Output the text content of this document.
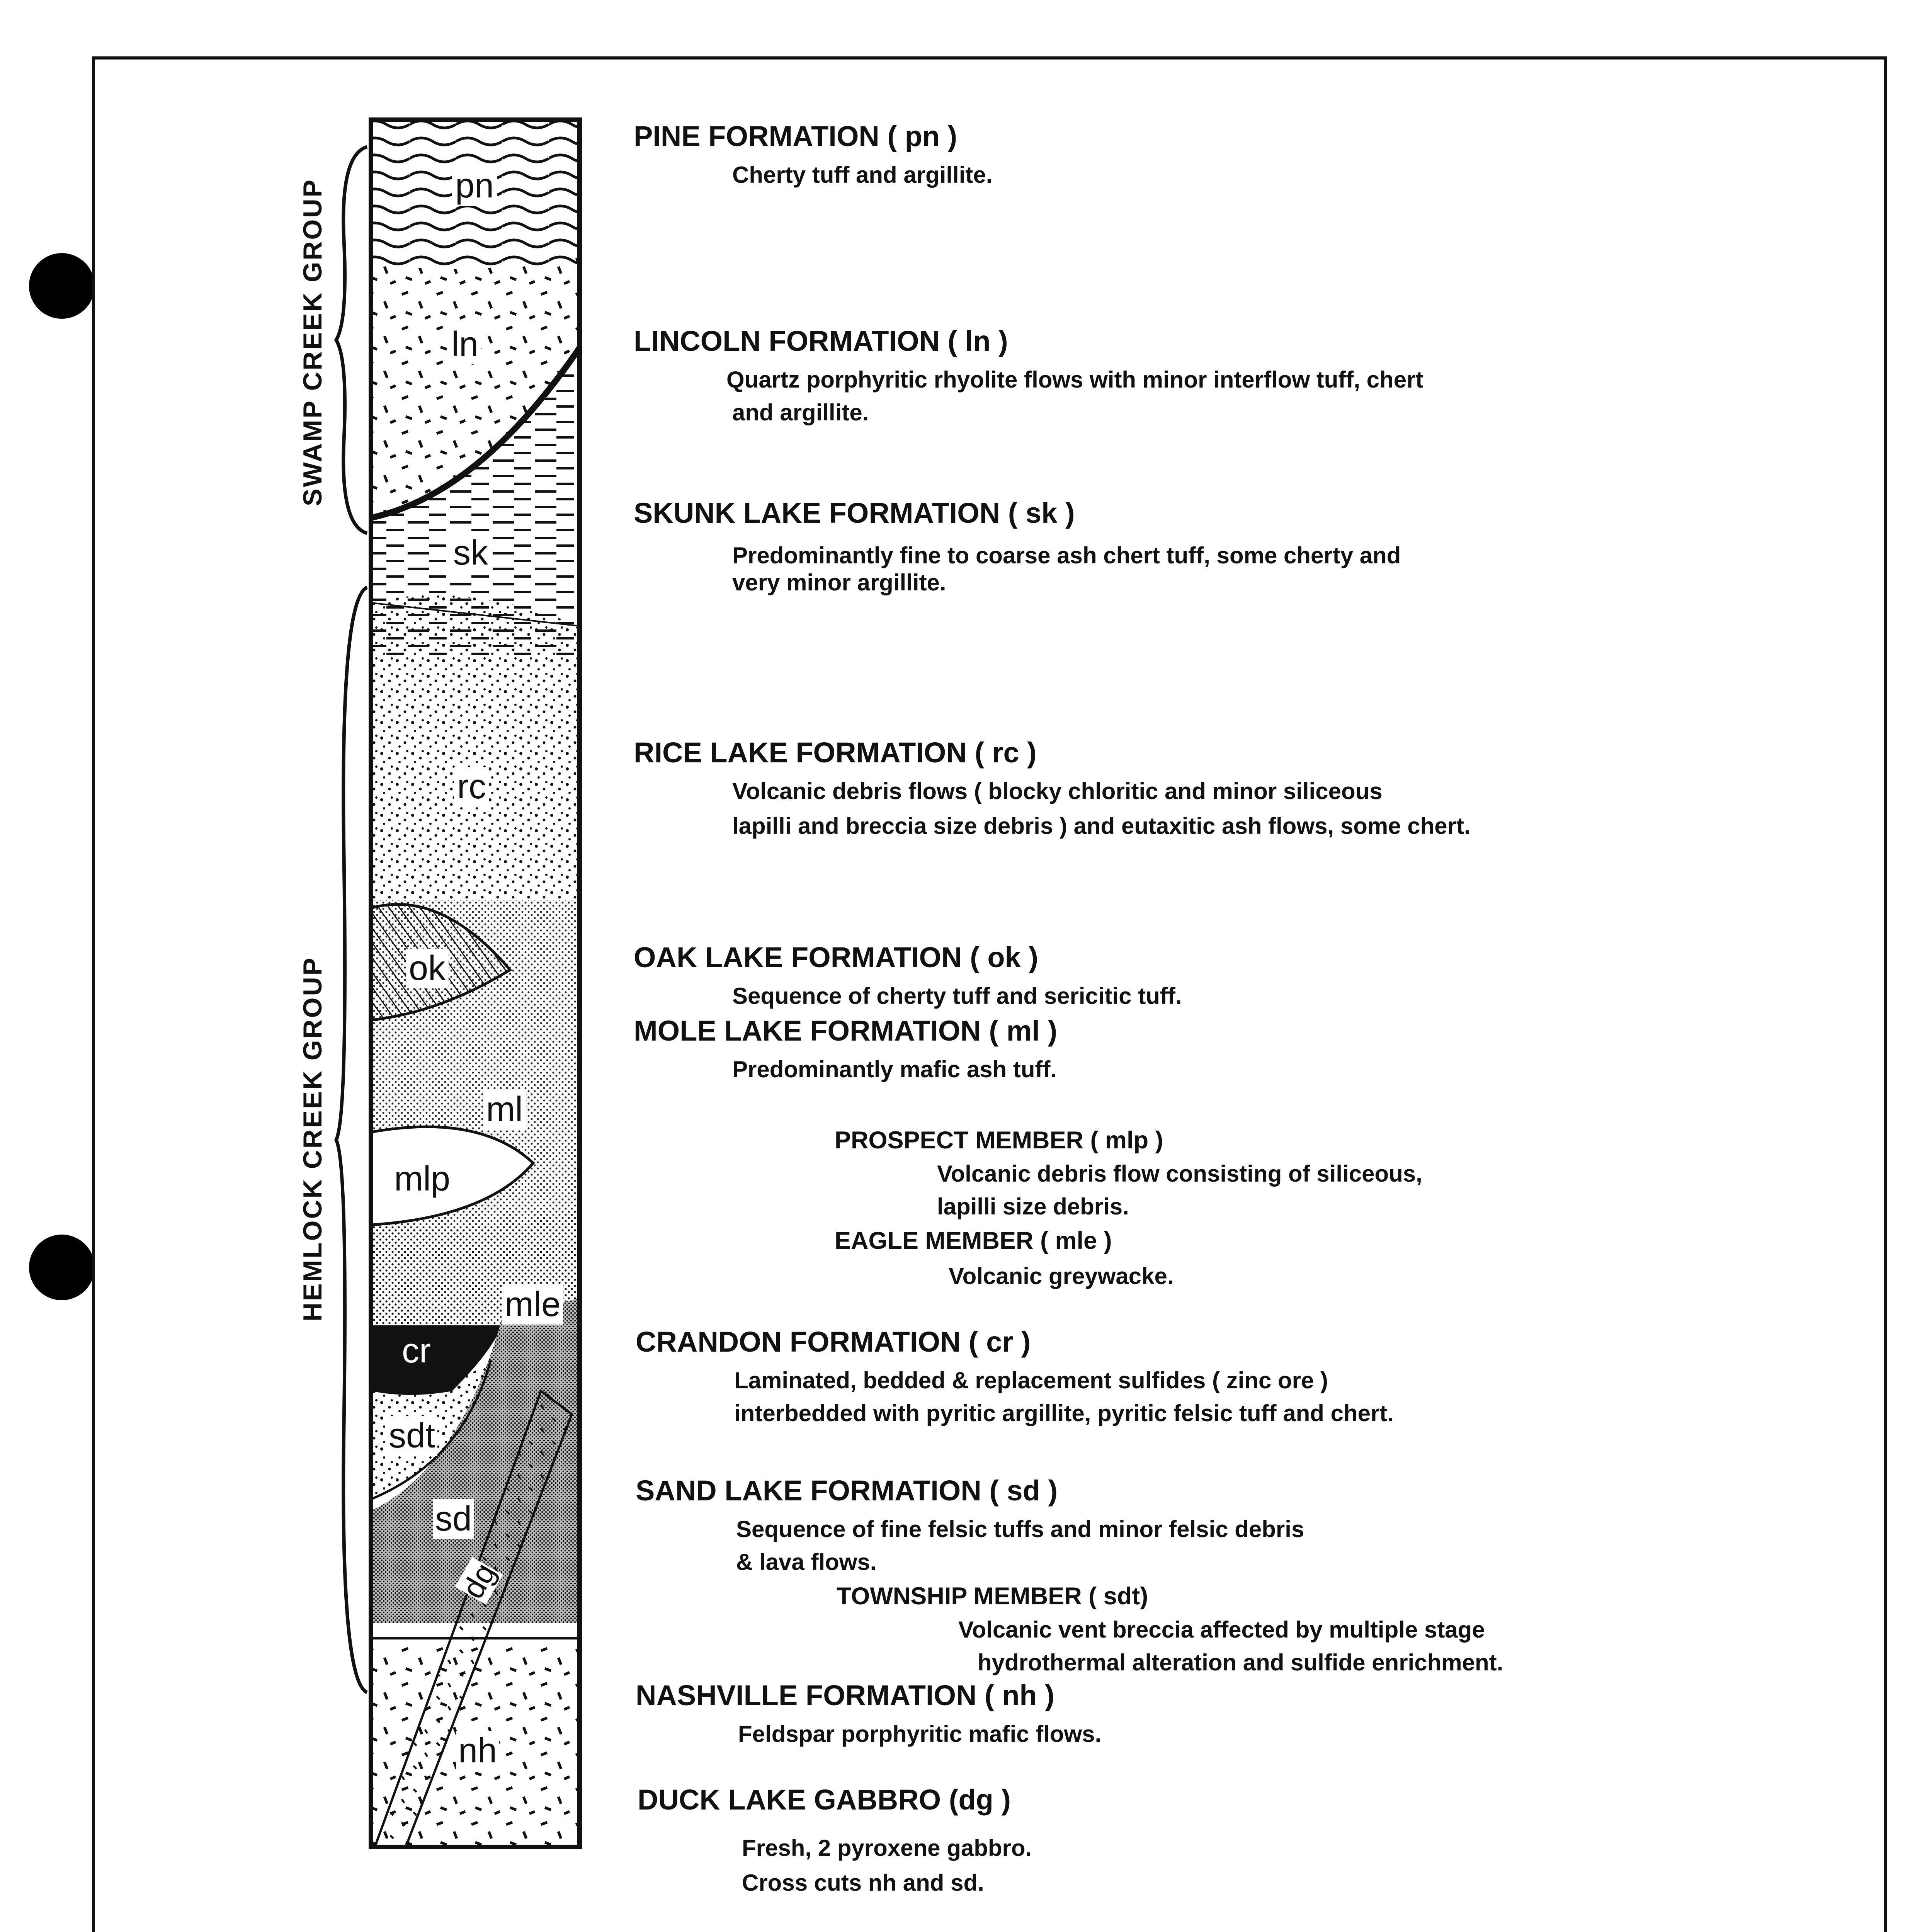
pn
ln
sk
rc
ok
ml
mlp
mle
cr
sdt
sd
dg
nh
SWAMP CREEK GROUP
HEMLOCK CREEK GROUP
PINE FORMATION ( pn )
Cherty tuff and argillite.
LINCOLN FORMATION ( ln )
Quartz porphyritic rhyolite flows with minor interflow tuff, chert
and argillite.
SKUNK LAKE FORMATION ( sk )
Predominantly fine to coarse ash chert tuff, some cherty and
very minor argillite.
RICE LAKE FORMATION ( rc )
Volcanic debris flows ( blocky chloritic and minor siliceous
lapilli and breccia size debris ) and eutaxitic ash flows, some chert.
OAK LAKE FORMATION ( ok )
Sequence of cherty tuff and sericitic tuff.
MOLE LAKE FORMATION ( ml )
Predominantly mafic ash tuff.
PROSPECT MEMBER ( mlp )
Volcanic debris flow consisting of siliceous,
lapilli size debris.
EAGLE MEMBER ( mle )
Volcanic greywacke.
CRANDON FORMATION ( cr )
Laminated, bedded & replacement sulfides ( zinc ore )
interbedded with pyritic argillite, pyritic felsic tuff and chert.
SAND LAKE FORMATION ( sd )
Sequence of fine felsic tuffs and minor felsic debris
& lava flows.
TOWNSHIP MEMBER ( sdt)
Volcanic vent breccia affected by multiple stage
hydrothermal alteration and sulfide enrichment.
NASHVILLE FORMATION ( nh )
Feldspar porphyritic mafic flows.
DUCK LAKE GABBRO (dg )
Fresh, 2 pyroxene gabbro.
Cross cuts nh and sd.
